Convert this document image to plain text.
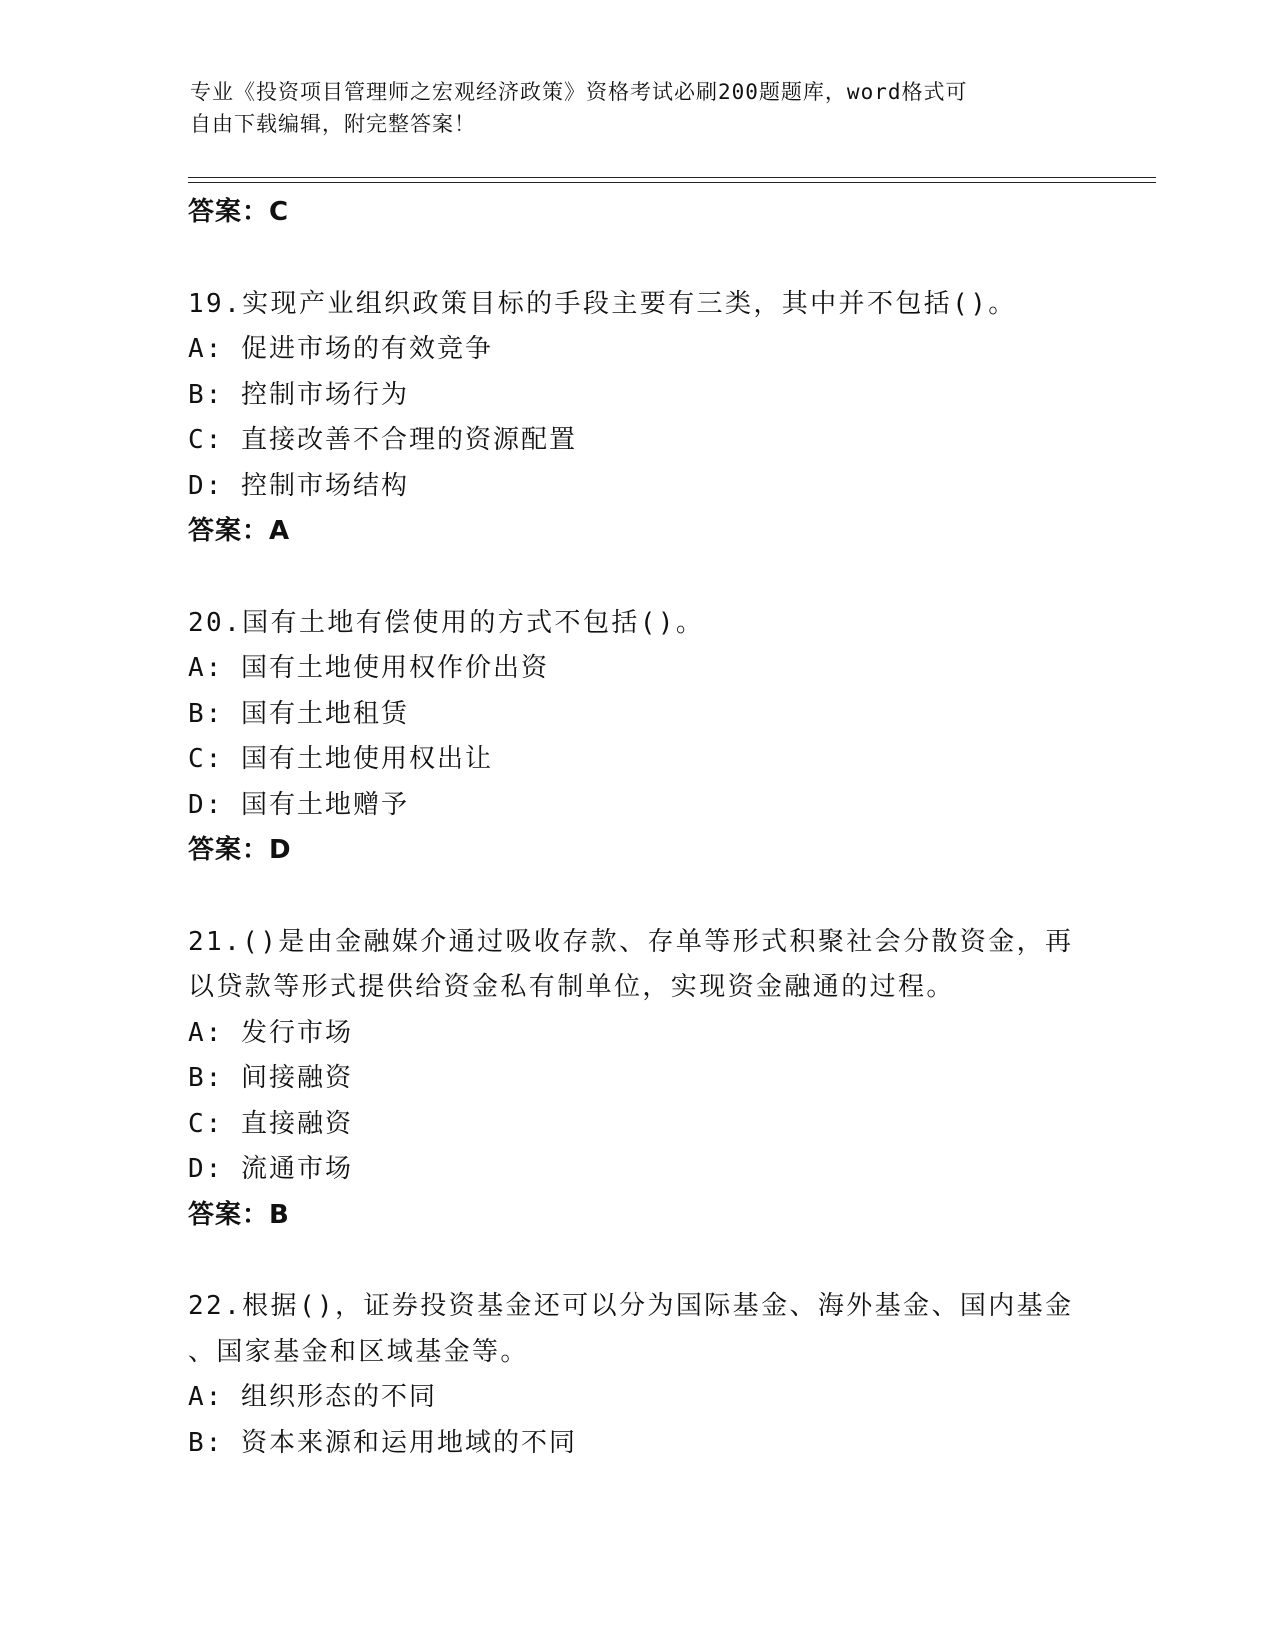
专业《投资项目管理师之宏观经济政策》资格考试必刷200题题库，word格式可
自由下载编辑，附完整答案！
答案：C
19.实现产业组织政策目标的手段主要有三类，其中并不包括()。
A: 促进市场的有效竞争
B: 控制市场行为
C: 直接改善不合理的资源配置
D: 控制市场结构
答案：A
20.国有土地有偿使用的方式不包括()。
A: 国有土地使用权作价出资
B: 国有土地租赁
C: 国有土地使用权出让
D: 国有土地赠予
答案：D
21.()是由金融媒介通过吸收存款、存单等形式积聚社会分散资金，再
以贷款等形式提供给资金私有制单位，实现资金融通的过程。
A: 发行市场
B: 间接融资
C: 直接融资
D: 流通市场
答案：B
22.根据()，证券投资基金还可以分为国际基金、海外基金、国内基金
、国家基金和区域基金等。
A: 组织形态的不同
B: 资本来源和运用地域的不同
